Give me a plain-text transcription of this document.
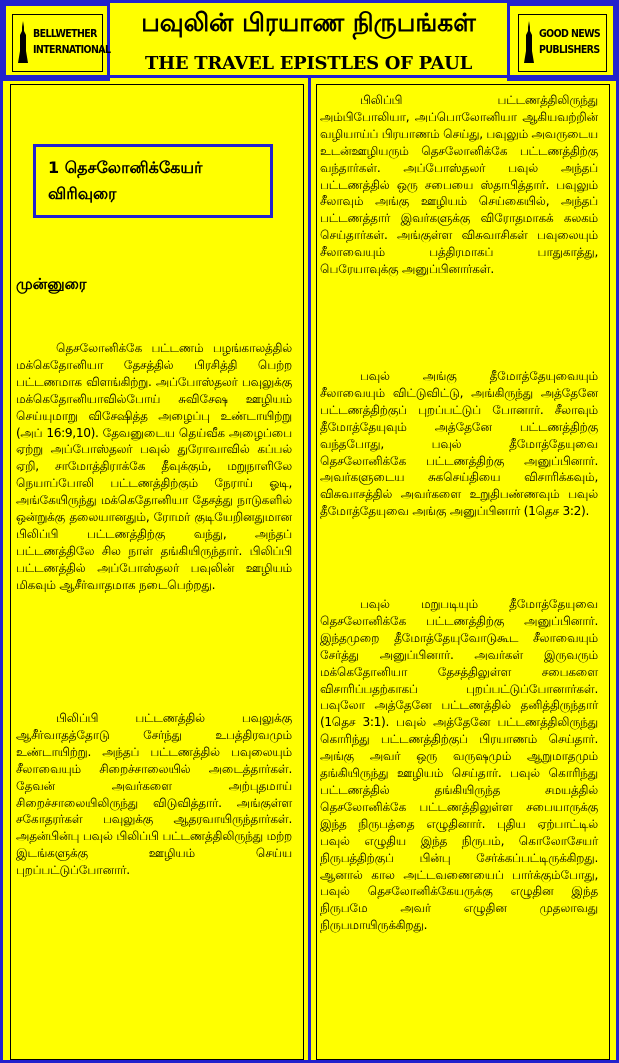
BELLWETHER
INTERNATIONAL
பவுலின் பிரயாண நிருபங்கள்
THE TRAVEL EPISTLES OF PAUL
GOOD NEWS
PUBLISHERS
1 தெசலோனிக்கேயர்
விரிவுரை
முன்னுரை
தெசலோனிக்கே பட்டணம் பழங்காலத்தில் மக்கெதோனியா தேசத்தில் பிரசித்தி பெற்ற பட்டணமாக விளங்கிற்று. அப்போஸ்தலர் பவுலுக்கு மக்கெதோனியாவில்போய் சுவிசேஷ ஊழியம் செய்யுமாறு விசேஷித்த அழைப்பு உண்டாயிற்று (அப் 16:9,10). தேவனுடைய தெய்வீக அழைப்பை ஏற்று அப்போஸ்தலர் பவுல் துரோவாவில் கப்பல் ஏறி, சாமோத்திராக்கே தீவுக்கும், மறுநாளிலே நெயாப்போலி பட்டணத்திற்கும் நேராய் ஓடி, அங்கேயிருந்து மக்கெதோனியா தேசத்து நாடுகளில் ஒன்றுக்கு தலையானதும், ரோமர் குடியேறினதுமான பிலிப்பி பட்டணத்திற்கு வந்து, அந்தப் பட்டணத்திலே சில நாள் தங்கியிருந்தார். பிலிப்பி பட்டணத்தில் அப்போஸ்தலர் பவுலின் ஊழியம் மிகவும் ஆசீர்வாதமாக நடைபெற்றது.
பிலிப்பி பட்டணத்தில் பவுலுக்கு ஆசீர்வாதத்தோடு சேர்ந்து உபத்திரவமும் உண்டாயிற்று. அந்தப் பட்டணத்தில் பவுலையும் சீலாவையும் சிறைச்சாலையில் அடைத்தார்கள். தேவன் அவர்களை அற்புதமாய் சிறைச்சாலையிலிருந்து விடுவித்தார். அங்குள்ள சகோதரர்கள் பவுலுக்கு ஆதரவாயிருந்தார்கள். அதன்பின்பு பவுல் பிலிப்பி பட்டணத்திலிருந்து மற்ற இடங்களுக்கு ஊழியம் செய்ய புறப்பட்டுப்போனார்.
பிலிப்பி பட்டணத்திலிருந்து அம்பிபோலியா, அப்பொலோனியா ஆகியவற்றின் வழியாய்ப் பிரயாணம் செய்து, பவுலும் அவருடைய உடன்ஊழியரும் தெசலோனிக்கே பட்டணத்திற்கு வந்தார்கள். அப்போஸ்தலர் பவுல் அந்தப் பட்டணத்தில் ஒரு சபையை ஸ்தாபித்தார். பவுலும் சீலாவும் அங்கு ஊழியம் செய்கையில், அந்தப் பட்டணத்தார் இவர்களுக்கு விரோதமாகக் கலகம் செய்தார்கள். அங்குள்ள விசுவாசிகள் பவுலையும் சீலாவையும் பத்திரமாகப் பாதுகாத்து, பெரேயாவுக்கு அனுப்பினார்கள்.
பவுல் அங்கு தீமோத்தேயுவையும் சீலாவையும் விட்டுவிட்டு, அங்கிருந்து அத்தேனே பட்டணத்திற்குப் புறப்பட்டுப் போனார். சீலாவும் தீமோத்தேயுவும் அத்தேனே பட்டணத்திற்கு வந்தபோது, பவுல் தீமோத்தேயுவை தெசலோனிக்கே பட்டணத்திற்கு அனுப்பினார். அவர்களுடைய சுகசெய்தியை விசாரிக்கவும், விசுவாசத்தில் அவர்களை உறுதிபண்ணவும் பவுல் தீமோத்தேயுவை அங்கு அனுப்பினார் (1தெச 3:2).
பவுல் மறுபடியும் தீமோத்தேயுவை தெசலோனிக்கே பட்டணத்திற்கு அனுப்பினார். இந்தமுறை தீமோத்தேயுவோடுகூட சீலாவையும் சேர்த்து அனுப்பினார். அவர்கள் இருவரும் மக்கெதோனியா தேசத்திலுள்ள சபைகளை விசாரிப்பதற்காகப் புறப்பட்டுப்போனார்கள். பவுலோ அத்தேனே பட்டணத்தில் தனித்திருந்தார் (1தெச 3:1). பவுல் அத்தேனே பட்டணத்திலிருந்து கொரிந்து பட்டணத்திற்குப் பிரயாணம் செய்தார். அங்கு அவர் ஒரு வருஷமும் ஆறுமாதமும் தங்கியிருந்து ஊழியம் செய்தார். பவுல் கொரிந்து பட்டணத்தில் தங்கியிருந்த சமயத்தில் தெசலோனிக்கே பட்டணத்திலுள்ள சபையாருக்கு இந்த நிருபத்தை எழுதினார். புதிய ஏற்பாட்டில் பவுல் எழுதிய இந்த நிருபம், கொலோசேயர் நிருபத்திற்குப் பின்பு சேர்க்கப்பட்டிருக்கிறது. ஆனால் கால அட்டவணையைப் பார்க்கும்போது, பவுல் தெசலோனிக்கேயருக்கு எழுதின இந்த நிருபமே அவர் எழுதின முதலாவது நிருபமாயிருக்கிறது.
